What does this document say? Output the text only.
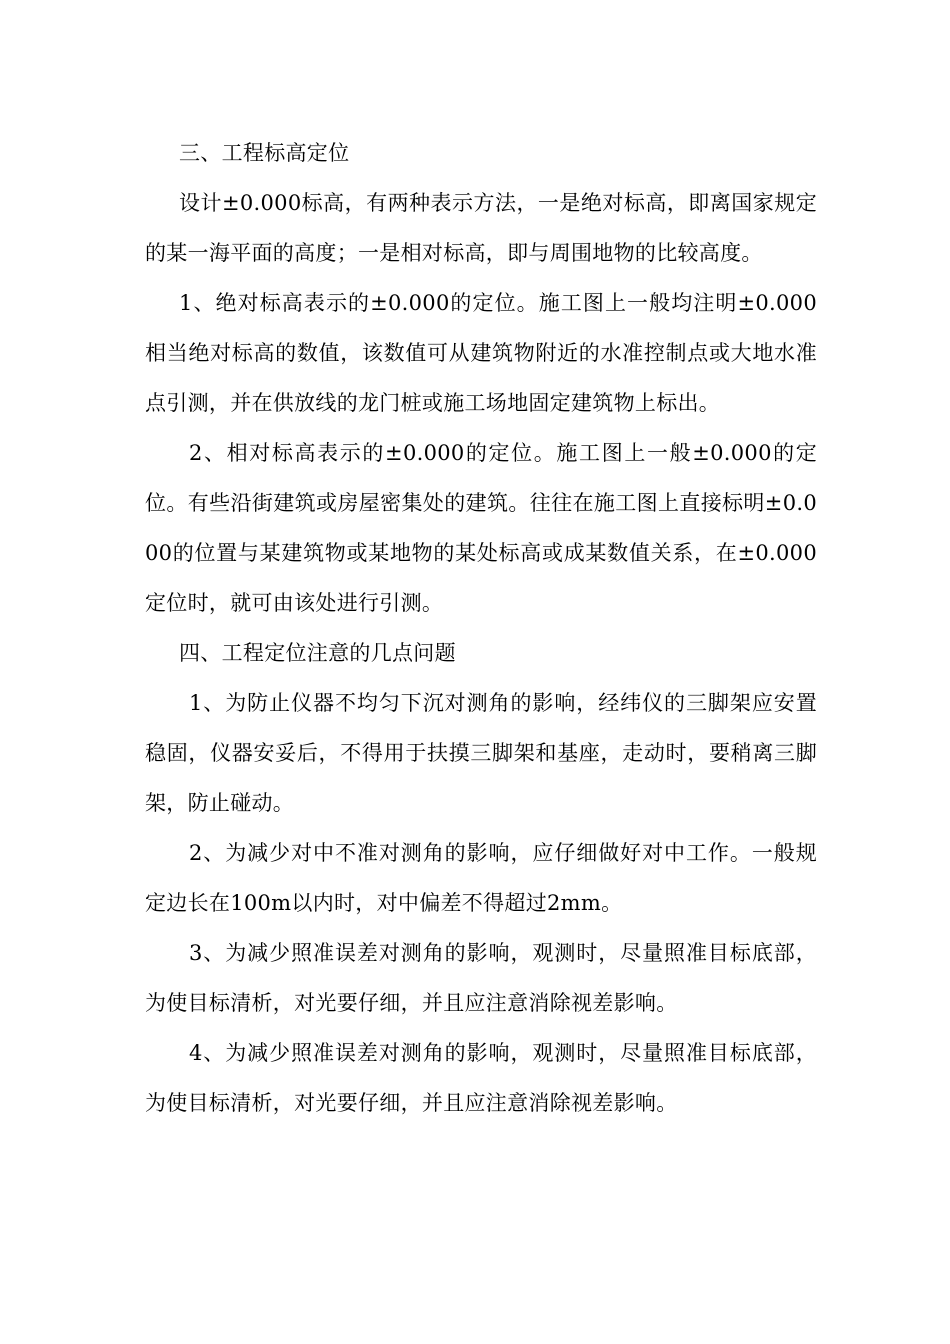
三、工程标高定位

设计±0.000标高，有两种表示方法，一是绝对标高，即离国家规定的某一海平面的高度；一是相对标高，即与周围地物的比较高度。

1、绝对标高表示的±0.000的定位。施工图上一般均注明±0.000相当绝对标高的数值，该数值可从建筑物附近的水准控制点或大地水准点引测，并在供放线的龙门桩或施工场地固定建筑物上标出。

2、相对标高表示的±0.000的定位。施工图上一般±0.000的定位。有些沿街建筑或房屋密集处的建筑。往往在施工图上直接标明±0.000的位置与某建筑物或某地物的某处标高或成某数值关系，在±0.000定位时，就可由该处进行引测。

四、工程定位注意的几点问题

1、为防止仪器不均匀下沉对测角的影响，经纬仪的三脚架应安置稳固，仪器安妥后，不得用于扶摸三脚架和基座，走动时，要稍离三脚架，防止碰动。

2、为减少对中不准对测角的影响，应仔细做好对中工作。一般规定边长在100m以内时，对中偏差不得超过2mm。

3、为减少照准误差对测角的影响，观测时，尽量照准目标底部，为使目标清析，对光要仔细，并且应注意消除视差影响。

4、为减少照准误差对测角的影响，观测时，尽量照准目标底部，为使目标清析，对光要仔细，并且应注意消除视差影响。
